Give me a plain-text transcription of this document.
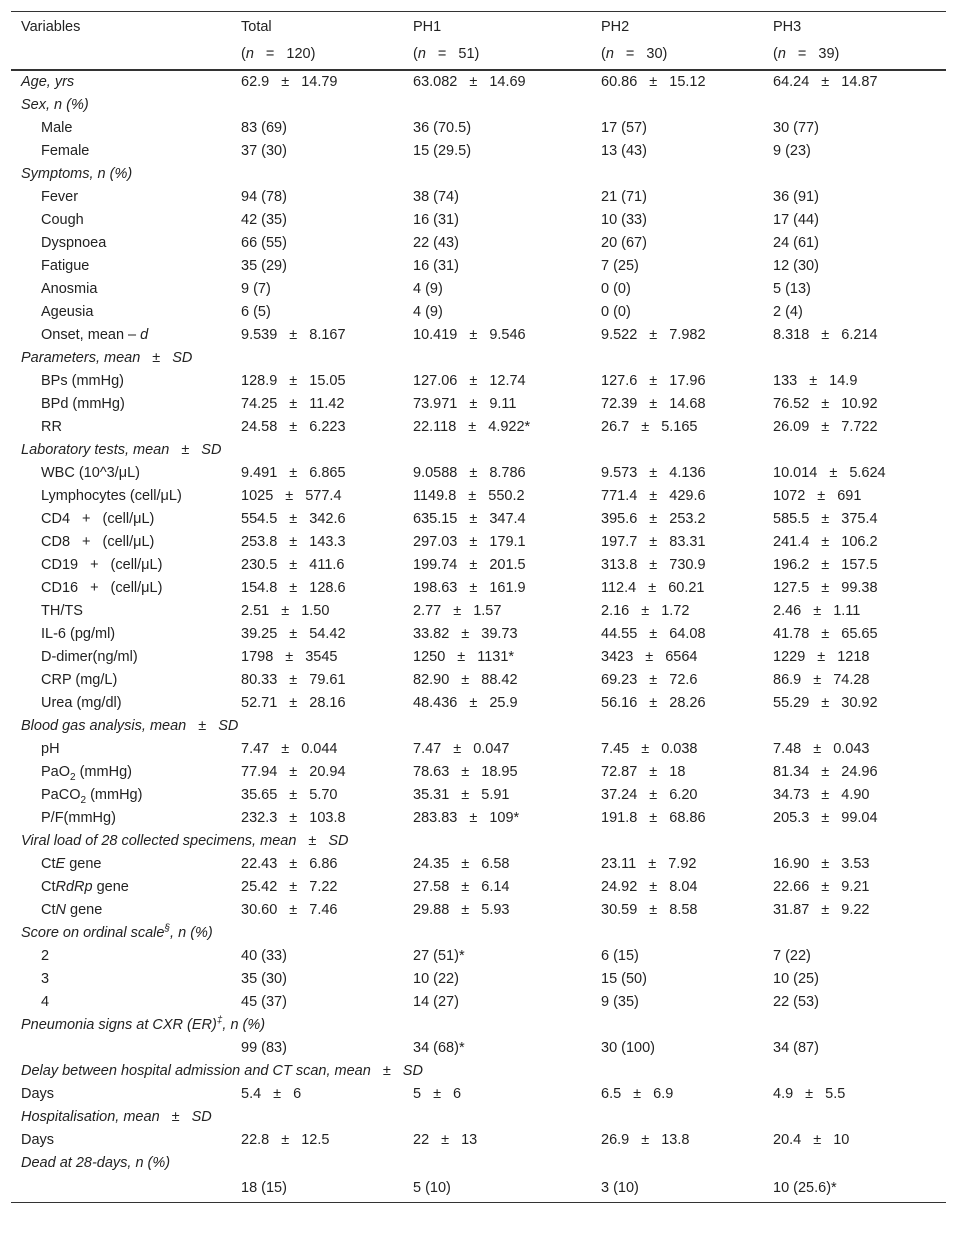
Variables	Total	PH1	PH2	PH3
	(n = 120)	(n = 51)	(n = 30)	(n = 39)
Age, yrs	62.9 ± 14.79	63.082 ± 14.69	60.86 ± 15.12	64.24 ± 14.87
Sex, n (%)				
Male	83 (69)	36 (70.5)	17 (57)	30 (77)
Female	37 (30)	15 (29.5)	13 (43)	9 (23)
Symptoms, n (%)				
Fever	94 (78)	38 (74)	21 (71)	36 (91)
Cough	42 (35)	16 (31)	10 (33)	17 (44)
Dyspnoea	66 (55)	22 (43)	20 (67)	24 (61)
Fatigue	35 (29)	16 (31)	7 (25)	12 (30)
Anosmia	9 (7)	4 (9)	0 (0)	5 (13)
Ageusia	6 (5)	4 (9)	0 (0)	2 (4)
Onset, mean – d	9.539 ± 8.167	10.419 ± 9.546	9.522 ± 7.982	8.318 ± 6.214
Parameters, mean ± SD				
BPs (mmHg)	128.9 ± 15.05	127.06 ± 12.74	127.6 ± 17.96	133 ± 14.9
BPd (mmHg)	74.25 ± 11.42	73.971 ± 9.11	72.39 ± 14.68	76.52 ± 10.92
RR	24.58 ± 6.223	22.118 ± 4.922*	26.7 ± 5.165	26.09 ± 7.722
Laboratory tests, mean ± SD				
WBC (10^3/μL)	9.491 ± 6.865	9.0588 ± 8.786	9.573 ± 4.136	10.014 ± 5.624
Lymphocytes (cell/μL)	1025 ± 577.4	1149.8 ± 550.2	771.4 ± 429.6	1072 ± 691
CD4 + (cell/μL)	554.5 ± 342.6	635.15 ± 347.4	395.6 ± 253.2	585.5 ± 375.4
CD8 + (cell/μL)	253.8 ± 143.3	297.03 ± 179.1	197.7 ± 83.31	241.4 ± 106.2
CD19 + (cell/μL)	230.5 ± 411.6	199.74 ± 201.5	313.8 ± 730.9	196.2 ± 157.5
CD16 + (cell/μL)	154.8 ± 128.6	198.63 ± 161.9	112.4 ± 60.21	127.5 ± 99.38
TH/TS	2.51 ± 1.50	2.77 ± 1.57	2.16 ± 1.72	2.46 ± 1.11
IL-6 (pg/ml)	39.25 ± 54.42	33.82 ± 39.73	44.55 ± 64.08	41.78 ± 65.65
D-dimer(ng/ml)	1798 ± 3545	1250 ± 1131*	3423 ± 6564	1229 ± 1218
CRP (mg/L)	80.33 ± 79.61	82.90 ± 88.42	69.23 ± 72.6	86.9 ± 74.28
Urea (mg/dl)	52.71 ± 28.16	48.436 ± 25.9	56.16 ± 28.26	55.29 ± 30.92
Blood gas analysis, mean ± SD				
pH	7.47 ± 0.044	7.47 ± 0.047	7.45 ± 0.038	7.48 ± 0.043
PaO$_2$ (mmHg)	77.94 ± 20.94	78.63 ± 18.95	72.87 ± 18	81.34 ± 24.96
PaCO$_2$ (mmHg)	35.65 ± 5.70	35.31 ± 5.91	37.24 ± 6.20	34.73 ± 4.90
P/F(mmHg)	232.3 ± 103.8	283.83 ± 109*	191.8 ± 68.86	205.3 ± 99.04
Viral load of 28 collected specimens, mean ± SD				
CtE gene	22.43 ± 6.86	24.35 ± 6.58	23.11 ± 7.92	16.90 ± 3.53
CtRdRp gene	25.42 ± 7.22	27.58 ± 6.14	24.92 ± 8.04	22.66 ± 9.21
CtN gene	30.60 ± 7.46	29.88 ± 5.93	30.59 ± 8.58	31.87 ± 9.22
Score on ordinal scale§, n (%)				
2	40 (33)	27 (51)*	6 (15)	7 (22)
3	35 (30)	10 (22)	15 (50)	10 (25)
4	45 (37)	14 (27)	9 (35)	22 (53)
Pneumonia signs at CXR (ER)‡, n (%)				
	99 (83)	34 (68)*	30 (100)	34 (87)
Delay between hospital admission and CT scan, mean ± SD				
Days	5.4 ± 6	5 ± 6	6.5 ± 6.9	4.9 ± 5.5
Hospitalisation, mean ± SD				
Days	22.8 ± 12.5	22 ± 13	26.9 ± 13.8	20.4 ± 10
Dead at 28-days, n (%)				
	18 (15)	5 (10)	3 (10)	10 (25.6)*
